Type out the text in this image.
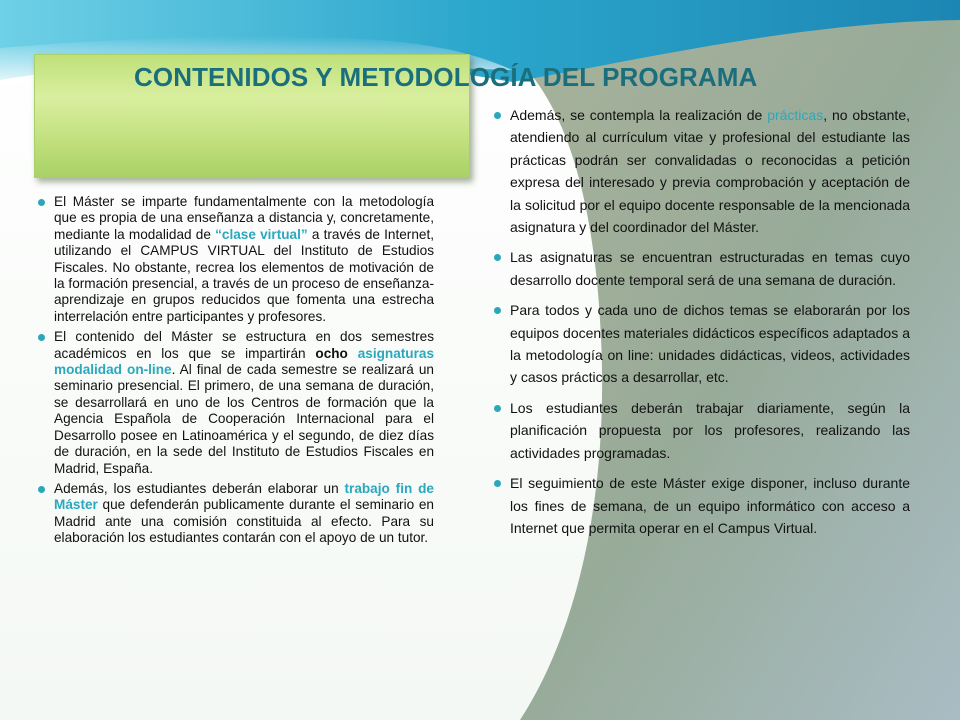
CONTENIDOS Y METODOLOGÍA DEL PROGRAMA
El Máster se imparte fundamentalmente con la metodología que es propia de una enseñanza a distancia y, concretamente, mediante la modalidad de “clase virtual” a través de Internet, utilizando el CAMPUS VIRTUAL del Instituto de Estudios Fiscales. No obstante, recrea los elementos de motivación de la formación presencial, a través de un proceso de enseñanza-aprendizaje en grupos reducidos que fomenta una estrecha interrelación entre participantes y profesores.
El contenido del Máster se estructura en dos semestres académicos en los que se impartirán ocho asignaturas modalidad on-line. Al final de cada semestre se realizará un seminario presencial. El primero, de una semana de duración, se desarrollará en uno de los Centros de formación que la Agencia Española de Cooperación Internacional para el Desarrollo posee en Latinoamérica y el segundo, de diez días de duración, en la sede del Instituto de Estudios Fiscales en Madrid, España.
Además, los estudiantes deberán elaborar un trabajo fin de Máster que defenderán publicamente durante el seminario en Madrid ante una comisión constituida al efecto. Para su elaboración los estudiantes contarán con el apoyo de un tutor.
Además, se contempla la realización de prácticas, no obstante, atendiendo al currículum vitae y profesional del estudiante las prácticas podrán ser convalidadas o reconocidas a petición expresa del interesado y previa comprobación y aceptación de la solicitud por el equipo docente responsable de la mencionada asignatura y del coordinador del Máster.
Las asignaturas se encuentran estructuradas en temas cuyo desarrollo docente temporal será de una semana de duración.
Para todos y cada uno de dichos temas se elaborarán por los equipos docentes materiales didácticos específicos adaptados a la metodología on line: unidades didácticas, videos, actividades y casos prácticos a desarrollar, etc.
Los estudiantes deberán trabajar diariamente, según la planificación propuesta por los profesores, realizando las actividades programadas.
El seguimiento de este Máster exige disponer, incluso durante los fines de semana, de un equipo informático con acceso a Internet que permita operar en el Campus Virtual.
